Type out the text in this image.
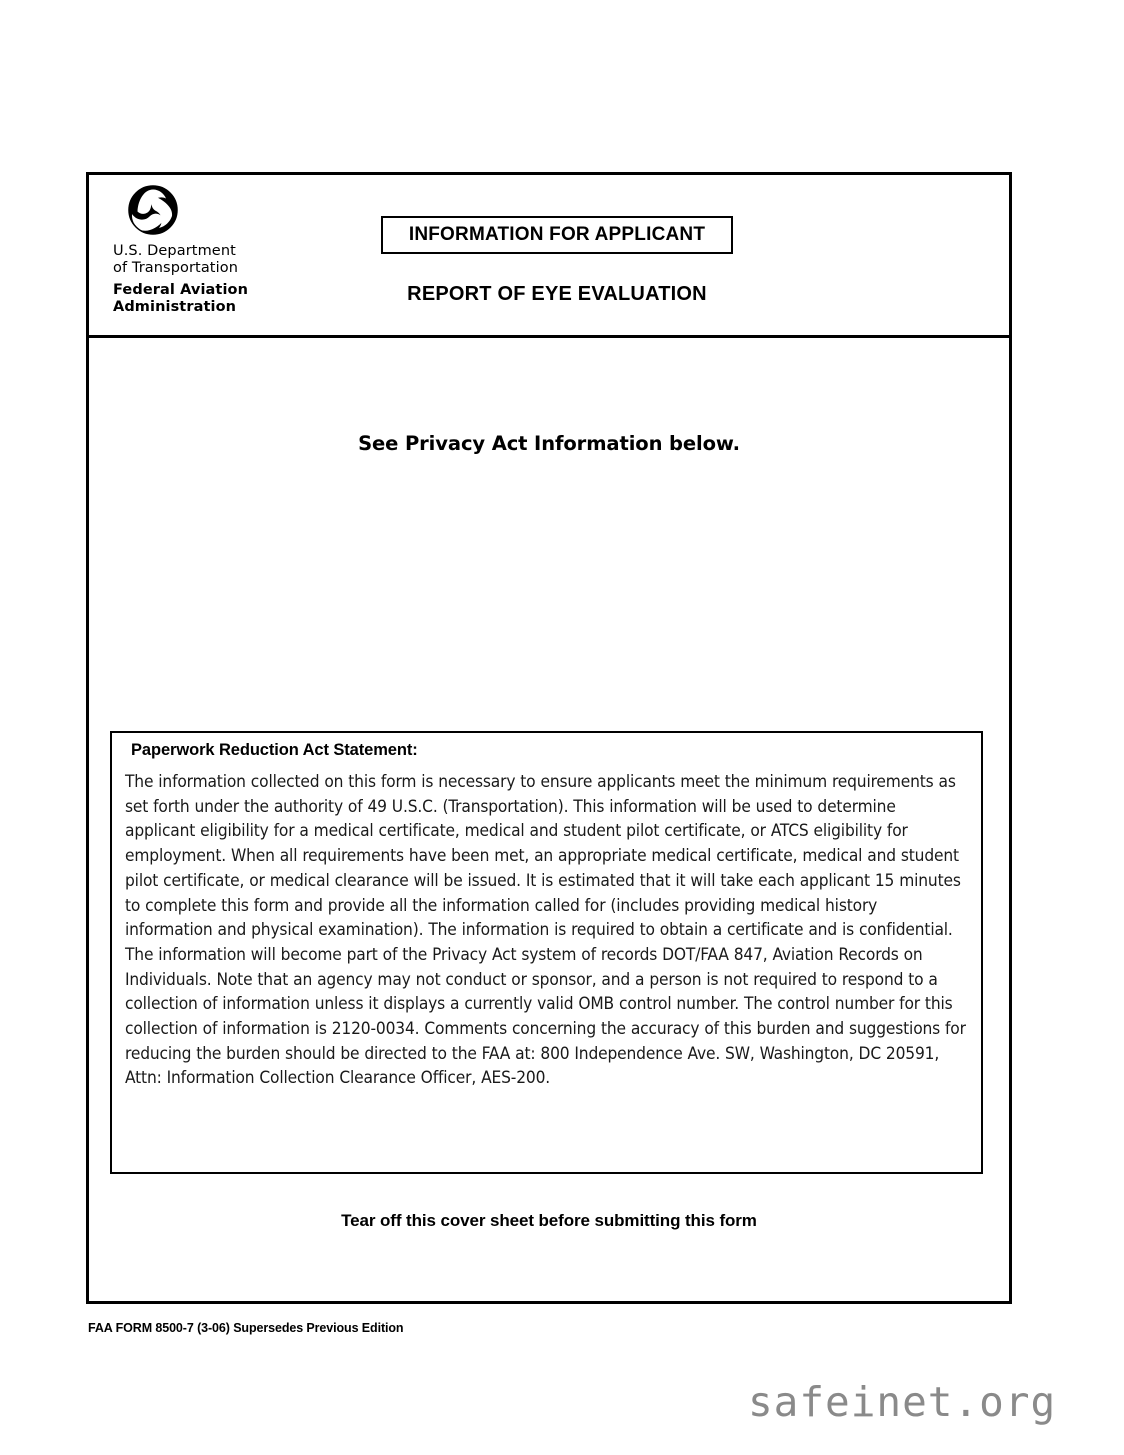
U.S. Department
of Transportation
Federal Aviation
Administration
INFORMATION FOR APPLICANT
REPORT OF EYE EVALUATION
See Privacy Act Information below.
Paperwork Reduction Act Statement:
The information collected on this form is necessary to ensure applicants meet the minimum requirements as set forth under the authority of 49 U.S.C. (Transportation). This information will be used to determine applicant eligibility for a medical certificate, medical and student pilot certificate, or ATCS eligibility for employment. When all requirements have been met, an appropriate medical certificate, medical and student pilot certificate, or medical clearance will be issued. It is estimated that it will take each applicant 15 minutes to complete this form and provide all the information called for (includes providing medical history information and physical examination). The information is required to obtain a certificate and is confidential. The information will become part of the Privacy Act system of records DOT/FAA 847, Aviation Records on Individuals. Note that an agency may not conduct or sponsor, and a person is not required to respond to a collection of information unless it displays a currently valid OMB control number. The control number for this collection of information is 2120-0034. Comments concerning the accuracy of this burden and suggestions for reducing the burden should be directed to the FAA at: 800 Independence Ave. SW, Washington, DC 20591, Attn: Information Collection Clearance Officer, AES-200.
Tear off this cover sheet before submitting this form
FAA FORM 8500-7 (3-06) Supersedes Previous Edition
safeinet.org
